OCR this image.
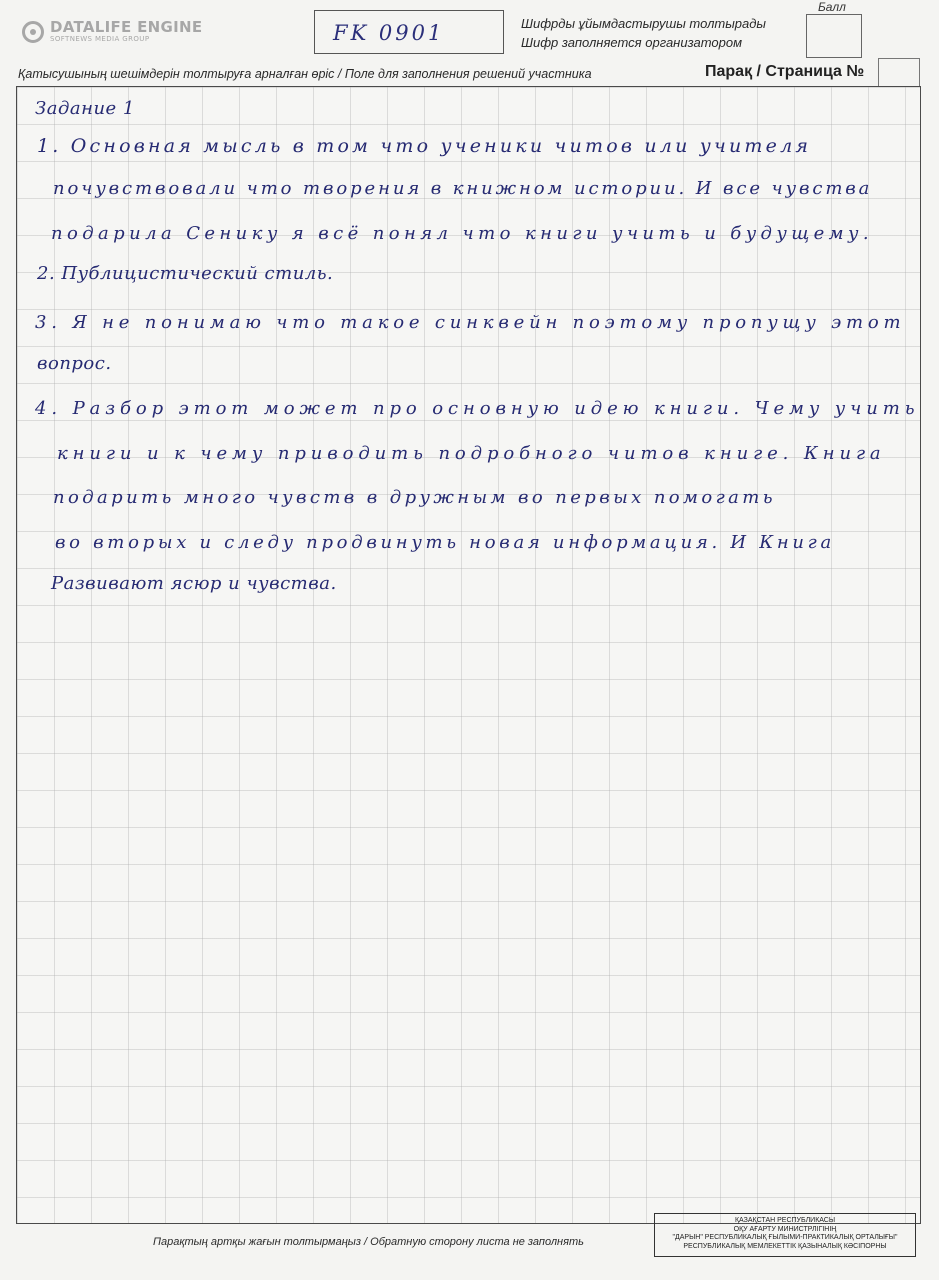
DATALIFE ENGINE
SOFTNEWS MEDIA GROUP	FK 0901	Шифрды ұйымдастырушы толтырады
Шифр заполняется организатором
Балл
Қатысушының шешімдерін толтыруға арналған өріс / Поле для заполнения решений участника	Парақ / Страница №
Задание 1
1. Основная мысль в том что ученики читов или учителя
почувствовали что творения в книжном истории. И все чувства
подарила Сенику я всё понял что книги учить и будущему.
2. Публицистический стиль.
3. Я не понимаю что такое синквейн поэтому пропущу этот
вопрос.
4. Разбор этот может про основную идею книги. Чему учить
книги и к чему приводить подробного читов книге. Книга
подарить много чувств в дружным во первых помогать
во вторых и следу продвинуть новая информация. И Книга
Развивают ясюр и чувства.
Парақтың артқы жағын толтырмаңыз / Обратную сторону листа не заполнять
ҚАЗАҚСТАН РЕСПУБЛИКАСЫ
ОҚУ АҒАРТУ МИНИСТРЛІГІНІҢ
"ДАРЫН" РЕСПУБЛИКАЛЫҚ ҒЫЛЫМИ-ПРАКТИКАЛЫҚ ОРТАЛЫҒЫ"
РЕСПУБЛИКАЛЫҚ МЕМЛЕКЕТТІК ҚАЗЫНАЛЫҚ КӘСІПОРНЫ
